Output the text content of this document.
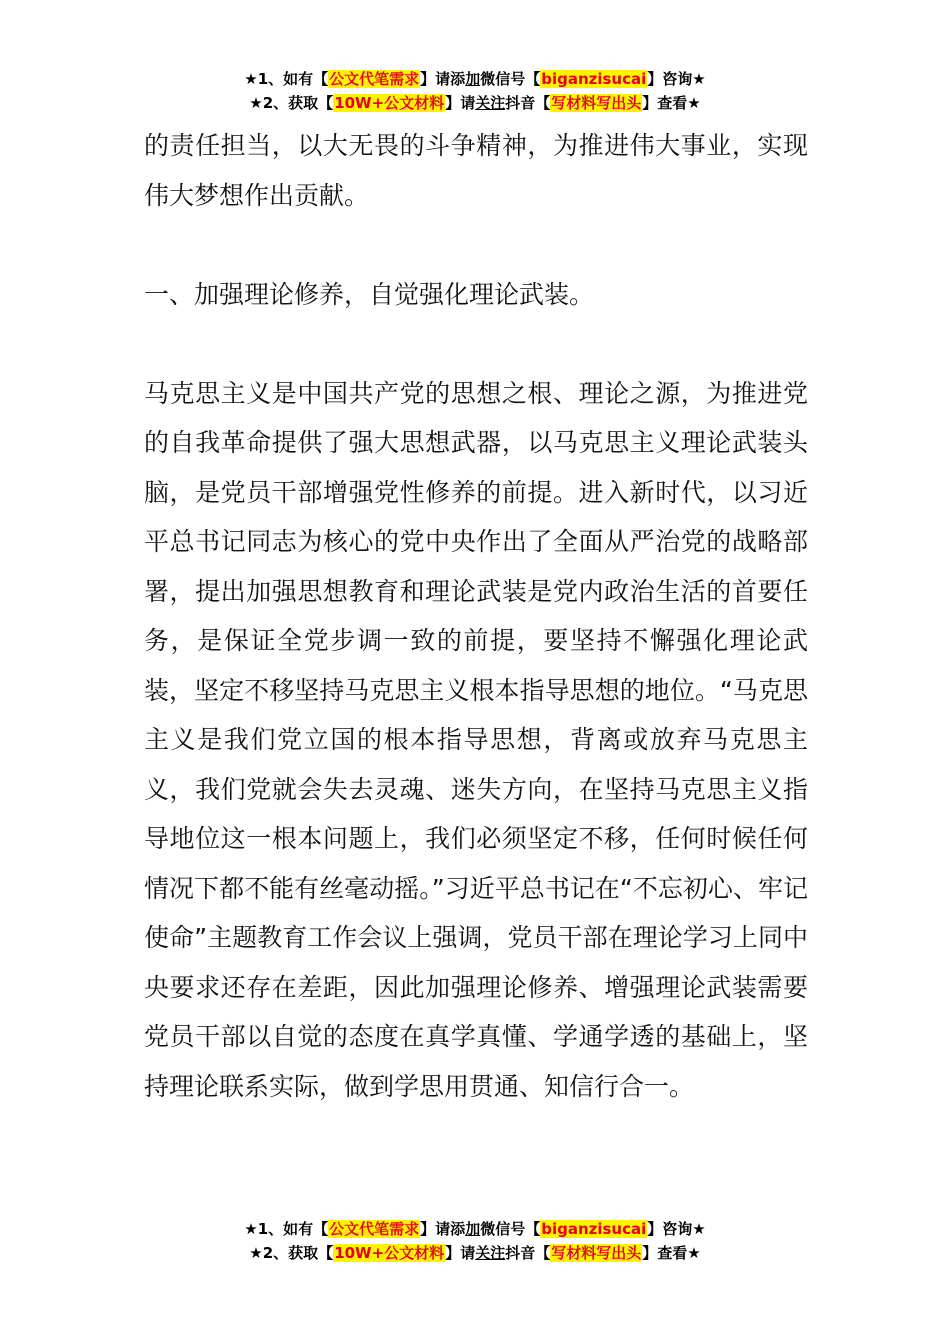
★1、如有【公文代笔需求】请添加微信号【biganzisucai】咨询★
★2、获取【10W+公文材料】请关注抖音【写材料写出头】查看★

的责任担当，以大无畏的斗争精神，为推进伟大事业，实现伟大梦想作出贡献。

一、加强理论修养，自觉强化理论武装。

马克思主义是中国共产党的思想之根、理论之源，为推进党的自我革命提供了强大思想武器，以马克思主义理论武装头脑，是党员干部增强党性修养的前提。进入新时代，以习近平总书记同志为核心的党中央作出了全面从严治党的战略部署，提出加强思想教育和理论武装是党内政治生活的首要任务，是保证全党步调一致的前提，要坚持不懈强化理论武装，坚定不移坚持马克思主义根本指导思想的地位。“马克思主义是我们党立国的根本指导思想，背离或放弃马克思主义，我们党就会失去灵魂、迷失方向，在坚持马克思主义指导地位这一根本问题上，我们必须坚定不移，任何时候任何情况下都不能有丝毫动摇。”习近平总书记在“不忘初心、牢记使命”主题教育工作会议上强调，党员干部在理论学习上同中央要求还存在差距，因此加强理论修养、增强理论武装需要党员干部以自觉的态度在真学真懂、学通学透的基础上，坚持理论联系实际，做到学思用贯通、知信行合一。

★1、如有【公文代笔需求】请添加微信号【biganzisucai】咨询★
★2、获取【10W+公文材料】请关注抖音【写材料写出头】查看★
